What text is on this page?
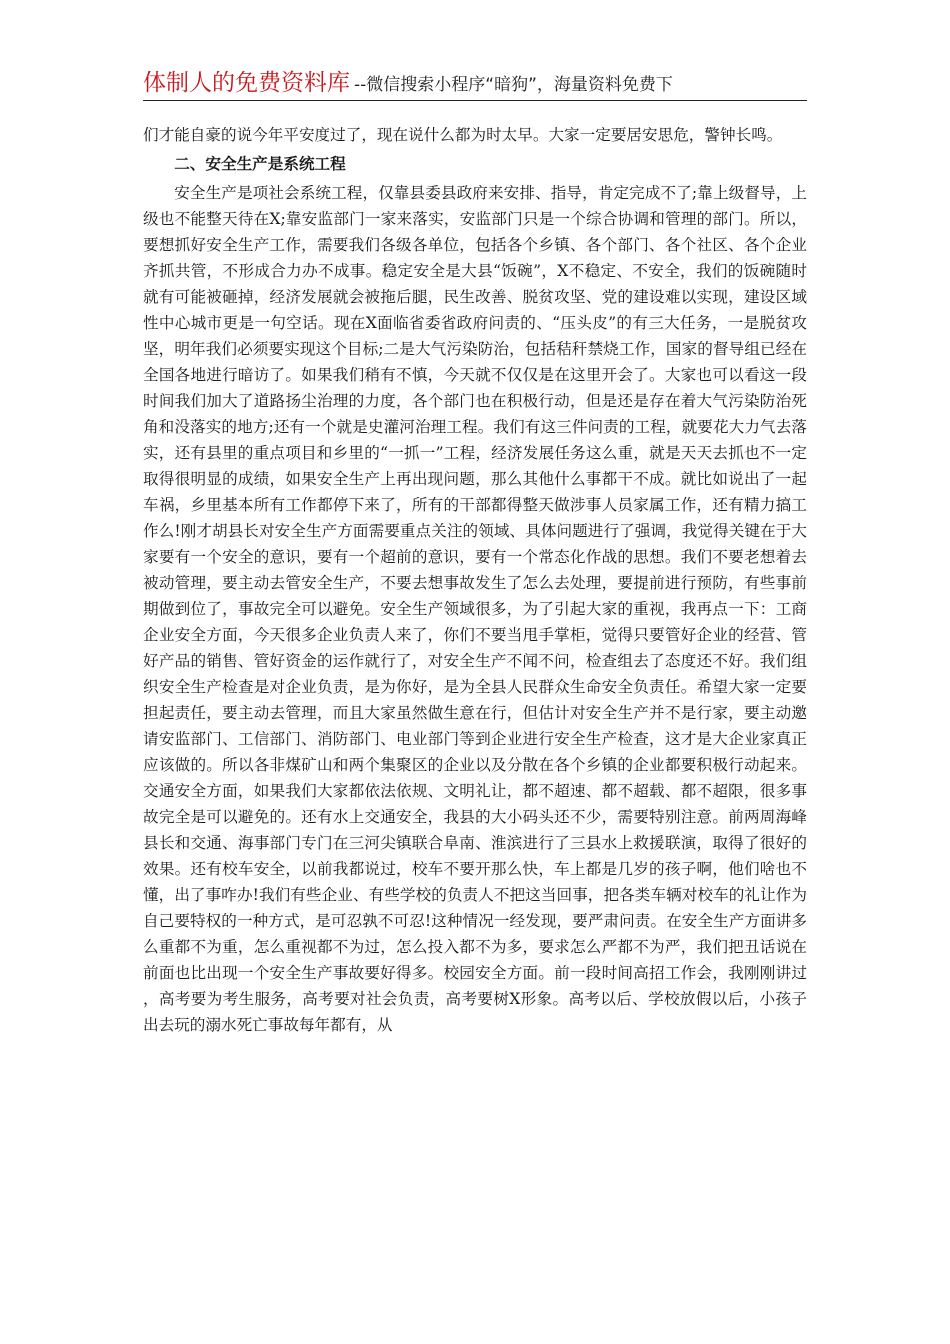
体制人的免费资料库 --微信搜索小程序“暗狗”，海量资料免费下

们才能自豪的说今年平安度过了，现在说什么都为时太早。大家一定要居安思危，警钟长鸣。

二、安全生产是系统工程

安全生产是项社会系统工程，仅靠县委县政府来安排、指导，肯定完成不了;靠上级督导，上级也不能整天待在X;靠安监部门一家来落实，安监部门只是一个综合协调和管理的部门。所以，要想抓好安全生产工作，需要我们各级各单位，包括各个乡镇、各个部门、各个社区、各个企业齐抓共管，不形成合力办不成事。稳定安全是大县“饭碗”，X不稳定、不安全，我们的饭碗随时就有可能被砸掉，经济发展就会被拖后腿，民生改善、脱贫攻坚、党的建设难以实现，建设区域性中心城市更是一句空话。现在X面临省委省政府问责的、“压头皮”的有三大任务，一是脱贫攻坚，明年我们必须要实现这个目标;二是大气污染防治，包括秸秆禁烧工作，国家的督导组已经在全国各地进行暗访了。如果我们稍有不慎，今天就不仅仅是在这里开会了。大家也可以看这一段时间我们加大了道路扬尘治理的力度，各个部门也在积极行动，但是还是存在着大气污染防治死角和没落实的地方;还有一个就是史灌河治理工程。我们有这三件问责的工程，就要花大力气去落实，还有县里的重点项目和乡里的“一抓一”工程，经济发展任务这么重，就是天天去抓也不一定取得很明显的成绩，如果安全生产上再出现问题，那么其他什么事都干不成。就比如说出了一起车祸，乡里基本所有工作都停下来了，所有的干部都得整天做涉事人员家属工作，还有精力搞工作么!刚才胡县长对安全生产方面需要重点关注的领域、具体问题进行了强调，我觉得关键在于大家要有一个安全的意识，要有一个超前的意识，要有一个常态化作战的思想。我们不要老想着去被动管理，要主动去管安全生产，不要去想事故发生了怎么去处理，要提前进行预防，有些事前期做到位了，事故完全可以避免。安全生产领域很多，为了引起大家的重视，我再点一下：工商企业安全方面，今天很多企业负责人来了，你们不要当甩手掌柜，觉得只要管好企业的经营、管好产品的销售、管好资金的运作就行了，对安全生产不闻不问，检查组去了态度还不好。我们组织安全生产检查是对企业负责，是为你好，是为全县人民群众生命安全负责任。希望大家一定要担起责任，要主动去管理，而且大家虽然做生意在行，但估计对安全生产并不是行家，要主动邀请安监部门、工信部门、消防部门、电业部门等到企业进行安全生产检查，这才是大企业家真正应该做的。所以各非煤矿山和两个集聚区的企业以及分散在各个乡镇的企业都要积极行动起来。交通安全方面，如果我们大家都依法依规、文明礼让，都不超速、都不超载、都不超限，很多事故完全是可以避免的。还有水上交通安全，我县的大小码头还不少，需要特别注意。前两周海峰县长和交通、海事部门专门在三河尖镇联合阜南、淮滨进行了三县水上救援联演，取得了很好的效果。还有校车安全，以前我都说过，校车不要开那么快，车上都是几岁的孩子啊，他们啥也不懂，出了事咋办!我们有些企业、有些学校的负责人不把这当回事，把各类车辆对校车的礼让作为自己要特权的一种方式，是可忍孰不可忍!这种情况一经发现，要严肃问责。在安全生产方面讲多么重都不为重，怎么重视都不为过，怎么投入都不为多，要求怎么严都不为严，我们把丑话说在前面也比出现一个安全生产事故要好得多。校园安全方面。前一段时间高招工作会，我刚刚讲过，高考要为考生服务，高考要对社会负责，高考要树X形象。高考以后、学校放假以后，小孩子出去玩的溺水死亡事故每年都有，从
